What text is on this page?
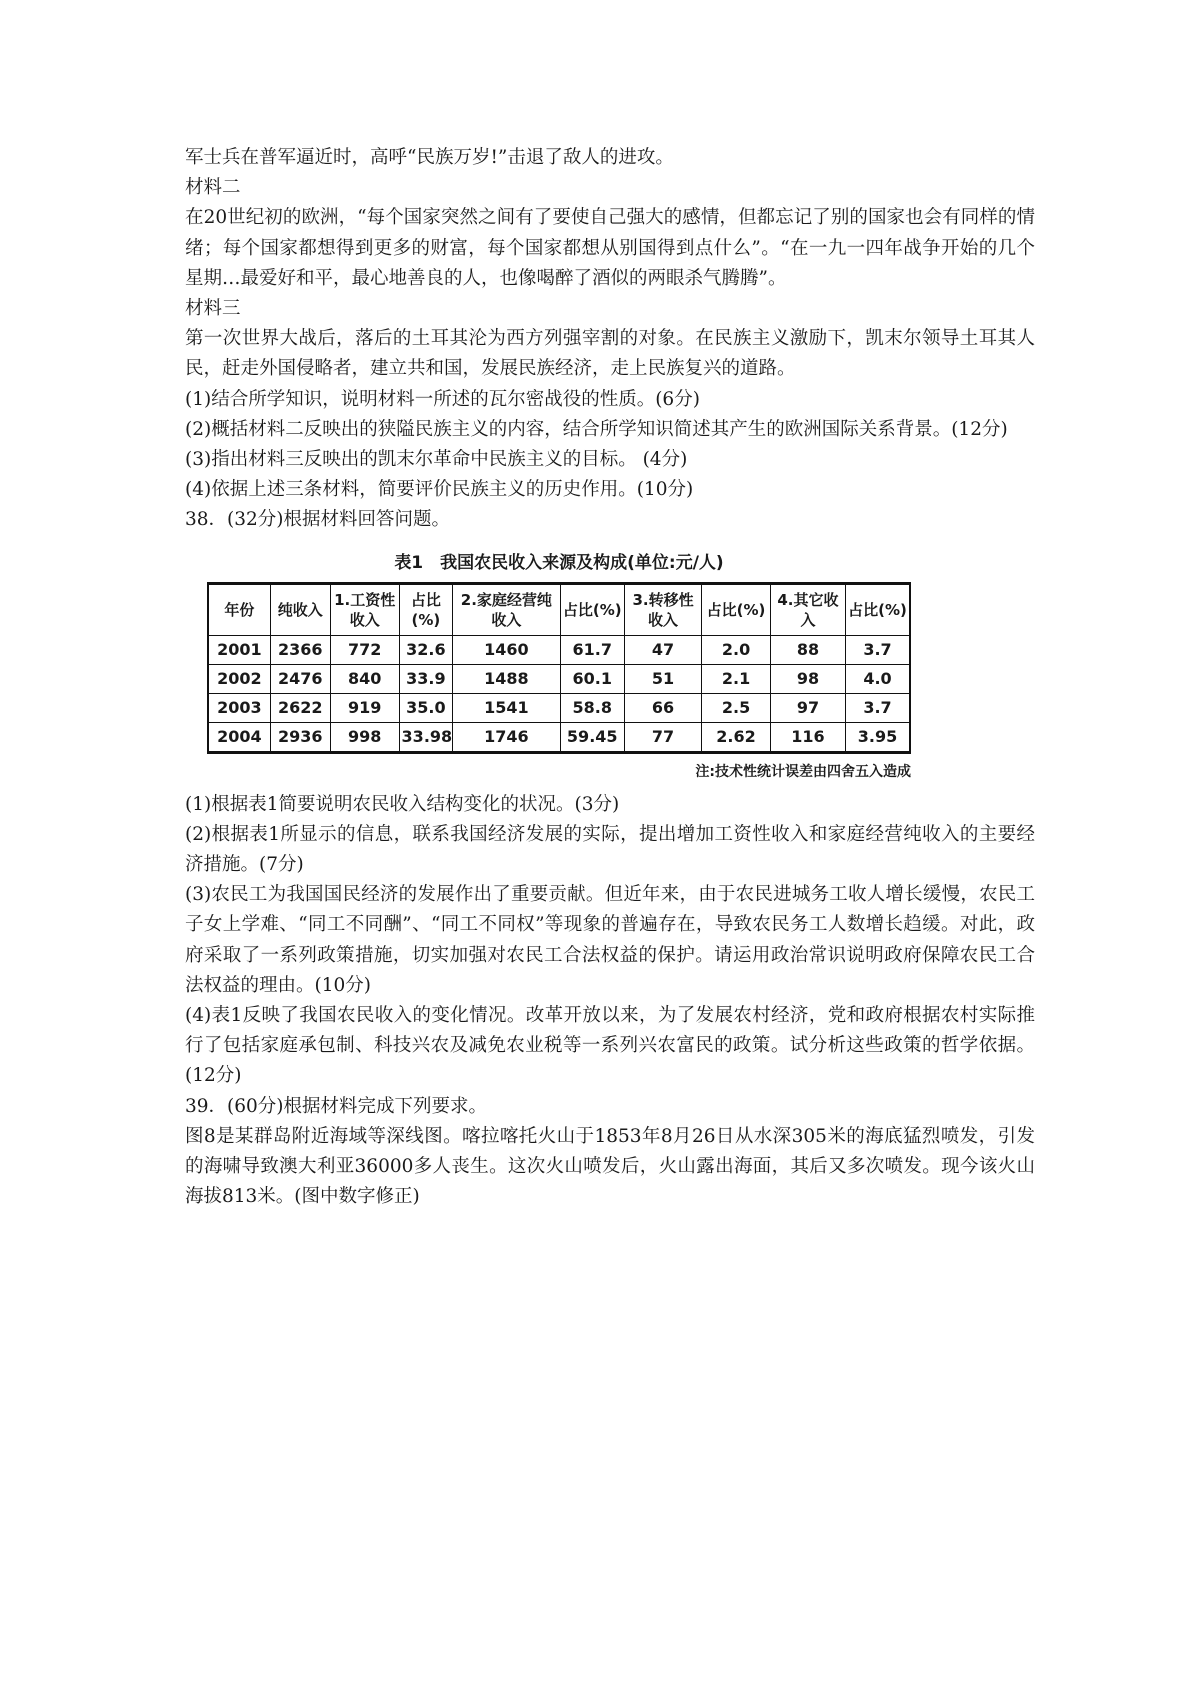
军士兵在普军逼近时，高呼“民族万岁!”击退了敌人的进攻。

材料二

在20世纪初的欧洲，“每个国家突然之间有了要使自己强大的感情，但都忘记了别的国家也会有同样的情绪；每个国家都想得到更多的财富，每个国家都想从别国得到点什么”。“在一九一四年战争开始的几个星期…最爱好和平，最心地善良的人，也像喝醉了酒似的两眼杀气腾腾”。

材料三

第一次世界大战后，落后的土耳其沦为西方列强宰割的对象。在民族主义激励下，凯末尔领导土耳其人民，赶走外国侵略者，建立共和国，发展民族经济，走上民族复兴的道路。

(1)结合所学知识，说明材料一所述的瓦尔密战役的性质。(6分)

(2)概括材料二反映出的狭隘民族主义的内容，结合所学知识简述其产生的欧洲国际关系背景。(12分)

(3)指出材料三反映出的凯末尔革命中民族主义的目标。 (4分)

(4)依据上述三条材料，简要评价民族主义的历史作用。(10分)

38．(32分)根据材料回答问题。

表1　我国农民收入来源及构成(单位:元/人)
年份	纯收入	1.工资性收入	占比(%)	2.家庭经营纯收入	占比(%)	3.转移性收入	占比(%)	4.其它收入	占比(%)
2001	2366	772	32.6	1460	61.7	47	2.0	88	3.7
2002	2476	840	33.9	1488	60.1	51	2.1	98	4.0
2003	2622	919	35.0	1541	58.8	66	2.5	97	3.7
2004	2936	998	33.98	1746	59.45	77	2.62	116	3.95
注:技术性统计误差由四舍五入造成

(1)根据表1简要说明农民收入结构变化的状况。(3分)

(2)根据表1所显示的信息，联系我国经济发展的实际，提出增加工资性收入和家庭经营纯收入的主要经济措施。(7分)

(3)农民工为我国国民经济的发展作出了重要贡献。但近年来，由于农民进城务工收人增长缓慢，农民工子女上学难、“同工不同酬”、“同工不同权”等现象的普遍存在，导致农民务工人数增长趋缓。对此，政府采取了一系列政策措施，切实加强对农民工合法权益的保护。请运用政治常识说明政府保障农民工合法权益的理由。(10分)

(4)表1反映了我国农民收入的变化情况。改革开放以来，为了发展农村经济，党和政府根据农村实际推行了包括家庭承包制、科技兴农及减免农业税等一系列兴农富民的政策。试分析这些政策的哲学依据。(12分)

39．(60分)根据材料完成下列要求。

图8是某群岛附近海域等深线图。喀拉喀托火山于1853年8月26日从水深305米的海底猛烈喷发，引发的海啸导致澳大利亚36000多人丧生。这次火山喷发后，火山露出海面，其后又多次喷发。现今该火山海拔813米。(图中数字修正)
